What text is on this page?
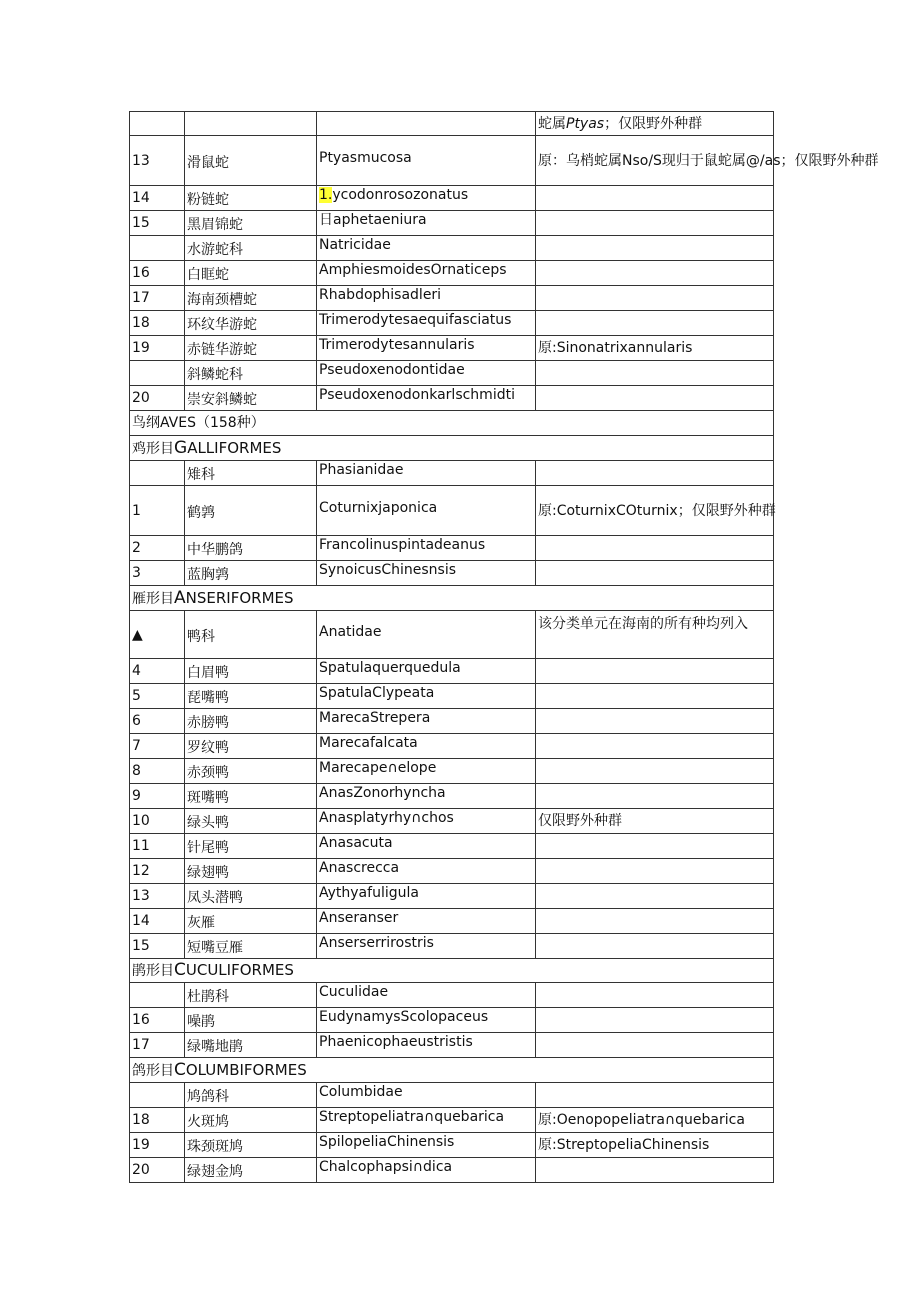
			蛇属Ptyas；仅限野外种群
13	滑鼠蛇	Ptyasmucosa	原：乌梢蛇属Nso/S现归于鼠蛇属@/as；仅限野外种群
14	粉链蛇	1.ycodonrosozonatus	
15	黑眉锦蛇	日aphetaeniura	
	水游蛇科	Natricidae	
16	白眶蛇	AmphiesmoidesOrnaticeps	
17	海南颈槽蛇	Rhabdophisadleri	
18	环纹华游蛇	Trimerodytesaequifasciatus	
19	赤链华游蛇	Trimerodytesannularis	原:Sinonatrixannularis
	斜鳞蛇科	Pseudoxenodontidae	
20	崇安斜鳞蛇	Pseudoxenodonkarlschmidti	
鸟纲AVES（158种）			
鸡形目GALLIFORMES			
	雉科	Phasianidae	
1	鹤鹑	Coturnixjaponica	原:CoturnixCOturnix；仅限野外种群
2	中华鹏鸽	Francolinuspintadeanus	
3	蓝胸鹑	SynoicusChinesnsis	
雁形目ANSERIFORMES			
▲	鸭科	Anatidae	该分类单元在海南的所有种均列入
4	白眉鸭	Spatulaquerquedula	
5	琵嘴鸭	SpatulaClypeata	
6	赤膀鸭	MarecaStrepera	
7	罗纹鸭	Marecafalcata	
8	赤颈鸭	Marecape∩elope	
9	斑嘴鸭	AnasZonorhyncha	
10	绿头鸭	Anasplatyrhy∩chos	仅限野外种群
11	针尾鸭	Anasacuta	
12	绿翅鸭	Anascrecca	
13	凤头潜鸭	Aythyafuligula	
14	灰雁	Anseranser	
15	短嘴豆雁	Anserserrirostris	
鹃形目CUCULIFORMES			
	杜鹃科	Cuculidae	
16	噪鹃	EudynamysScolopaceus	
17	绿嘴地鹃	Phaenicophaeustristis	
鸽形目COLUMBIFORMES			
	鸠鸽科	Columbidae	
18	火斑鸠	Streptopeliatra∩quebarica	原:Oenopopeliatra∩quebarica
19	珠颈斑鸠	SpilopeliaChinensis	原:StreptopeliaChinensis
20	绿翅金鸠	Chalcophapsi∩dica	
